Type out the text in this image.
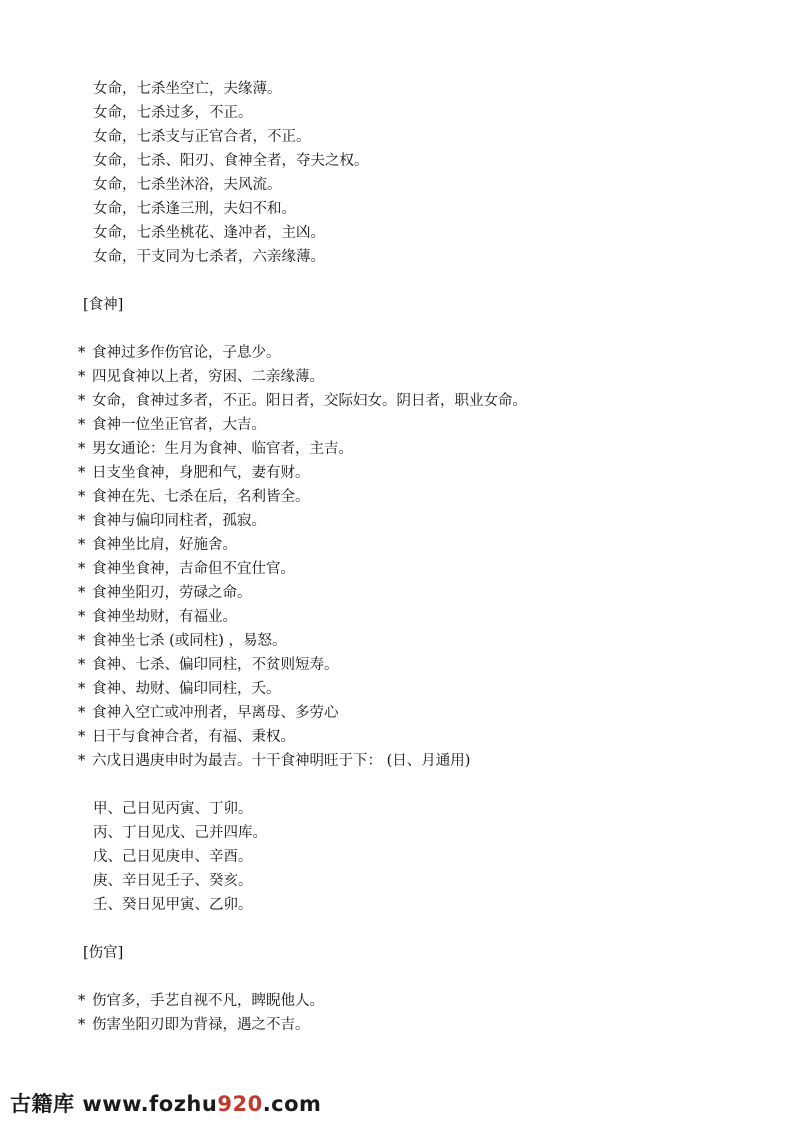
女命，七杀坐空亡，夫缘薄。
女命，七杀过多，不正。
女命，七杀支与正官合者，不正。
女命，七杀、阳刃、食神全者，夺夫之权。
女命，七杀坐沐浴，夫风流。
女命，七杀逢三刑，夫妇不和。
女命，七杀坐桃花、逢冲者，主凶。
女命，干支同为七杀者，六亲缘薄。
[食神]
* 食神过多作伤官论，子息少。
* 四见食神以上者，穷困、二亲缘薄。
* 女命，食神过多者，不正。阳日者，交际妇女。阴日者，职业女命。
* 食神一位坐正官者，大吉。
* 男女通论：生月为食神、临官者，主吉。
* 日支坐食神，身肥和气，妻有财。
* 食神在先、七杀在后，名利皆全。
* 食神与偏印同柱者，孤寂。
* 食神坐比肩，好施舍。
* 食神坐食神，吉命但不宜仕官。
* 食神坐阳刃，劳碌之命。
* 食神坐劫财，有福业。
* 食神坐七杀 (或同柱) ，易怒。
* 食神、七杀、偏印同柱，不贫则短寿。
* 食神、劫财、偏印同柱，夭。
* 食神入空亡或冲刑者，早离母、多劳心
* 日干与食神合者，有福、秉权。
* 六戊日遇庚申时为最吉。十干食神明旺于下： (日、月通用)
甲、己日见丙寅、丁卯。
丙、丁日见戊、己并四库。
戊、己日见庚申、辛酉。
庚、辛日见壬子、癸亥。
壬、癸日见甲寅、乙卯。
[伤官]
* 伤官多，手艺自视不凡，睥睨他人。
* 伤害坐阳刃即为背禄，遇之不吉。
古籍库 www.fozhu920.com
